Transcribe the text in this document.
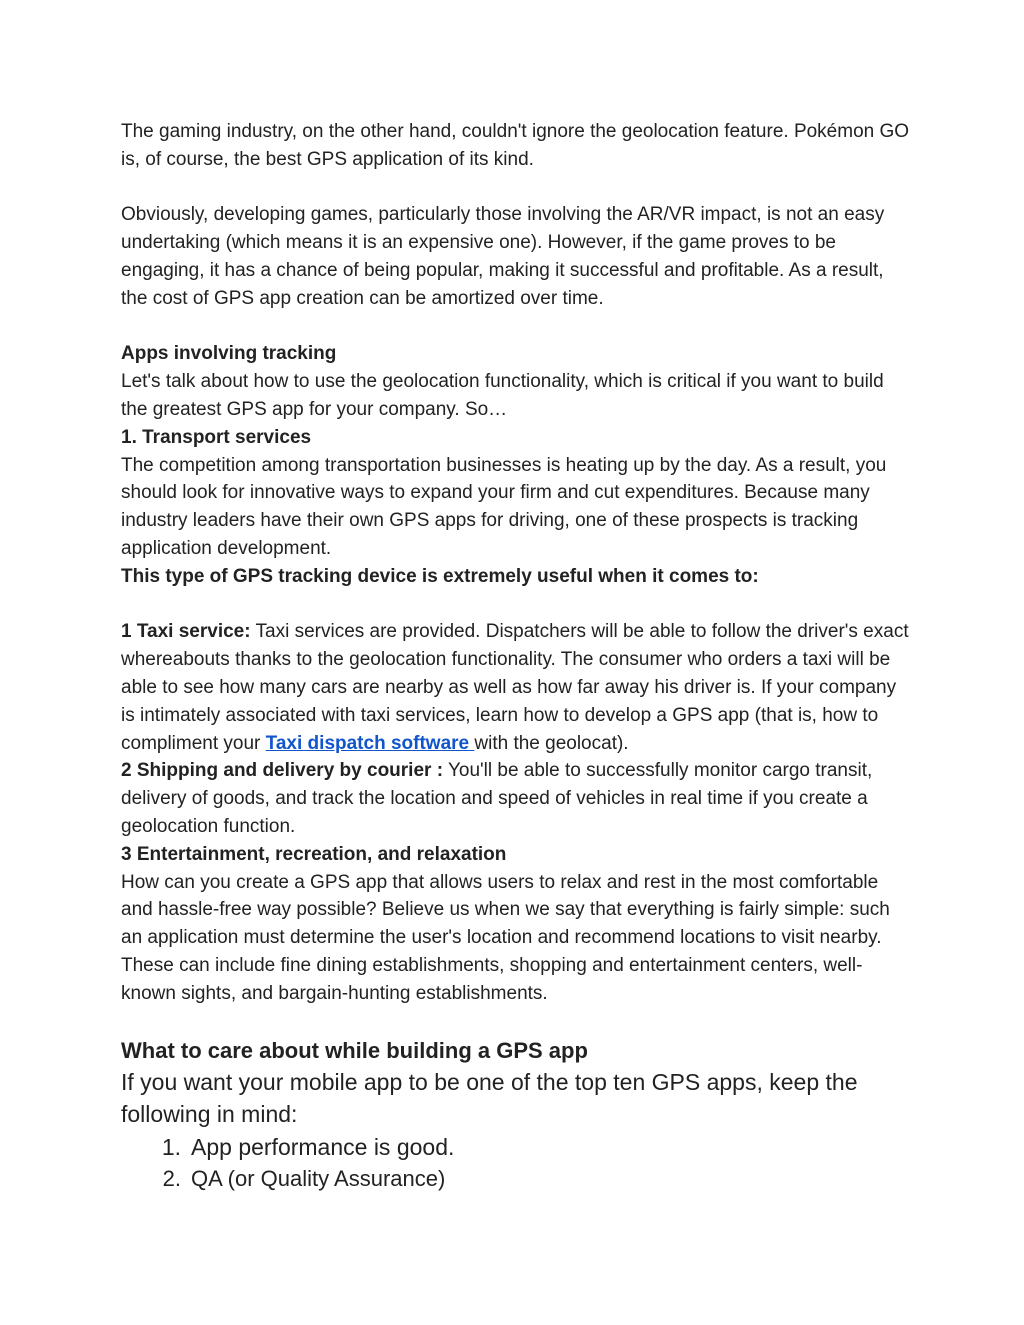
The gaming industry, on the other hand, couldn't ignore the geolocation feature. Pokémon GO is, of course, the best GPS application of its kind.

Obviously, developing games, particularly those involving the AR/VR impact, is not an easy undertaking (which means it is an expensive one). However, if the game proves to be engaging, it has a chance of being popular, making it successful and profitable. As a result, the cost of GPS app creation can be amortized over time.

Apps involving tracking

Let's talk about how to use the geolocation functionality, which is critical if you want to build the greatest GPS app for your company. So…

1. Transport services

The competition among transportation businesses is heating up by the day. As a result, you should look for innovative ways to expand your firm and cut expenditures. Because many industry leaders have their own GPS apps for driving, one of these prospects is tracking application development.

This type of GPS tracking device is extremely useful when it comes to:

1 Taxi service: Taxi services are provided. Dispatchers will be able to follow the driver's exact whereabouts thanks to the geolocation functionality. The consumer who orders a taxi will be able to see how many cars are nearby as well as how far away his driver is. If your company is intimately associated with taxi services, learn how to develop a GPS app (that is, how to compliment your Taxi dispatch software with the geolocat).

2 Shipping and delivery by courier : You'll be able to successfully monitor cargo transit, delivery of goods, and track the location and speed of vehicles in real time if you create a geolocation function.

3 Entertainment, recreation, and relaxation

How can you create a GPS app that allows users to relax and rest in the most comfortable and hassle-free way possible? Believe us when we say that everything is fairly simple: such an application must determine the user's location and recommend locations to visit nearby. These can include fine dining establishments, shopping and entertainment centers, well-known sights, and bargain-hunting establishments.

What to care about while building a GPS app

If you want your mobile app to be one of the top ten GPS apps, keep the following in mind:

1. App performance is good.
2. QA (or Quality Assurance)
